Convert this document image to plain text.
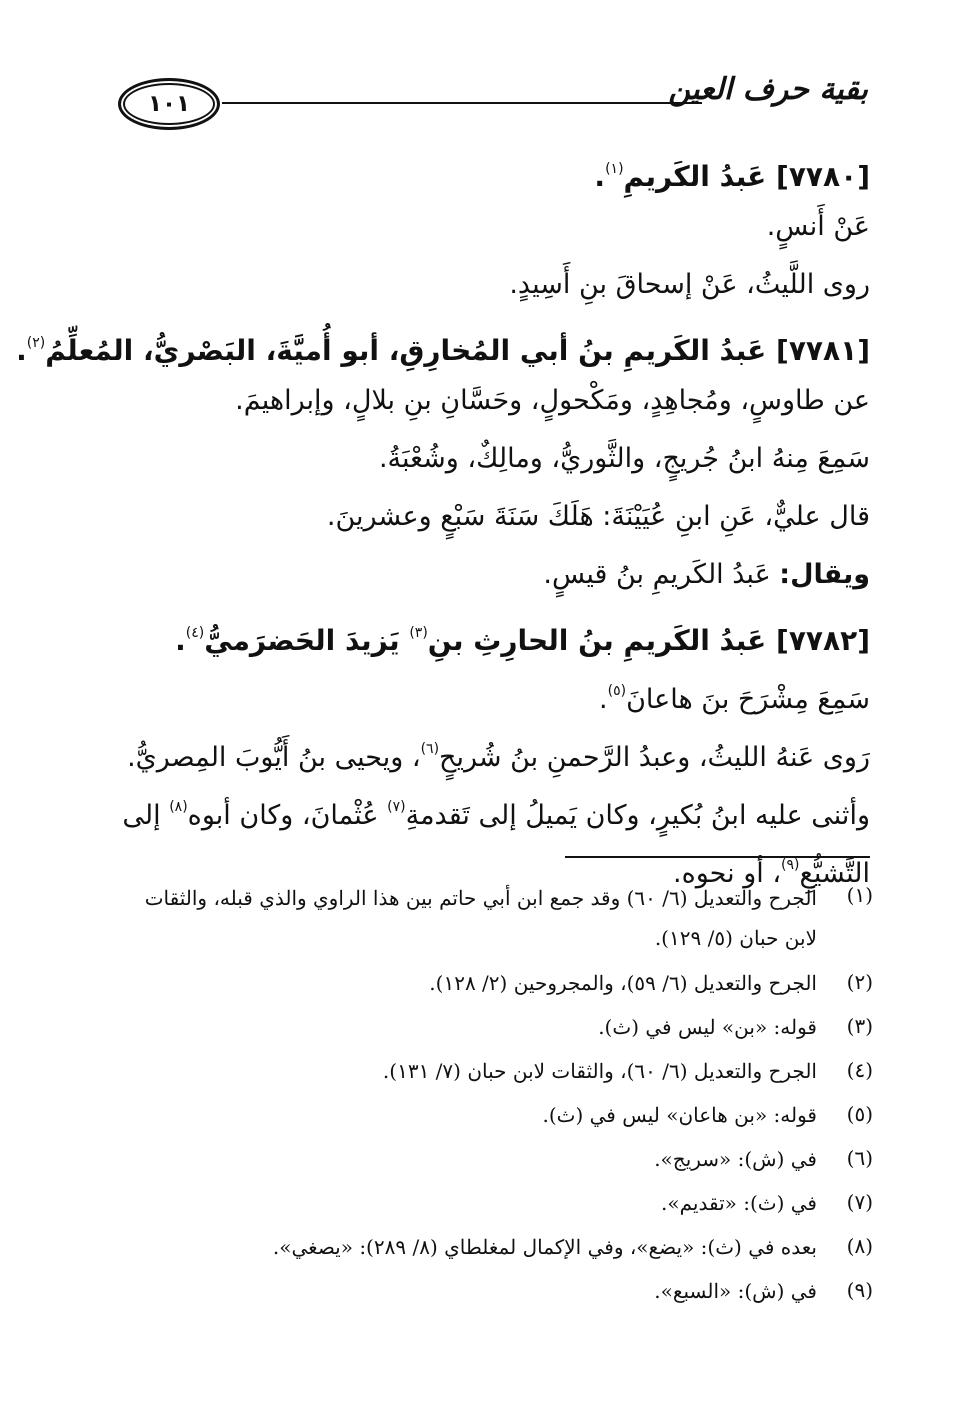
١٠١	بقية حرف العين
[٧٧٨٠] عَبدُ الكَريمِ$^{(١)}$.
عَنْ أَنسٍ.
روى اللَّيثُ، عَنْ إسحاقَ بنِ أَسِيدٍ.
[٧٧٨١] عَبدُ الكَريمِ بنُ أبي المُخارِقِ، أبو أُميَّةَ، البَصْريُّ، المُعلِّمُ$^{(٢)}$.
عن طاوسٍ، ومُجاهِدٍ، ومَكْحولٍ، وحَسَّانِ بنِ بلالٍ، وإبراهيمَ.
سَمِعَ مِنهُ ابنُ جُريجٍ، والثَّوريُّ، ومالِكٌ، وشُعْبَةُ.
قال عليٌّ، عَنِ ابنِ عُيَيْنَةَ: هَلَكَ سَنَةَ سَبْعٍ وعشرينَ.
ويقال: عَبدُ الكَريمِ بنُ قيسٍ.
[٧٧٨٢] عَبدُ الكَريمِ بنُ الحارِثِ بنِ$^{(٣)}$ يَزيدَ الحَضرَميُّ$^{(٤)}$.
سَمِعَ مِشْرَحَ بنَ هاعانَ$^{(٥)}$.
رَوى عَنهُ الليثُ، وعبدُ الرَّحمنِ بنُ شُريحٍ$^{(٦)}$، ويحيى بنُ أَيُّوبَ المِصريُّ.
وأثنى عليه ابنُ بُكيرٍ، وكان يَميلُ إلى تَقدمةِ$^{(٧)}$ عُثْمانَ، وكان أبوه$^{(٨)}$ إلى
التَّشيُّعِ$^{(٩)}$، أو نحوه.
(١)
الجرح والتعديل (٦/ ٦٠) وقد جمع ابن أبي حاتم بين هذا الراوي والذي قبله، والثقات لابن حبان (٥/ ١٢٩).
(٢)
الجرح والتعديل (٦/ ٥٩)، والمجروحين (٢/ ١٢٨).
(٣)
قوله: «بن» ليس في (ث).
(٤)
الجرح والتعديل (٦/ ٦٠)، والثقات لابن حبان (٧/ ١٣١).
(٥)
قوله: «بن هاعان» ليس في (ث).
(٦)
في (ش): «سريج».
(٧)
في (ث): «تقديم».
(٨)
بعده في (ث): «يضع»، وفي الإكمال لمغلطاي (٨/ ٢٨٩): «يصغي».
(٩)
في (ش): «السبع».
